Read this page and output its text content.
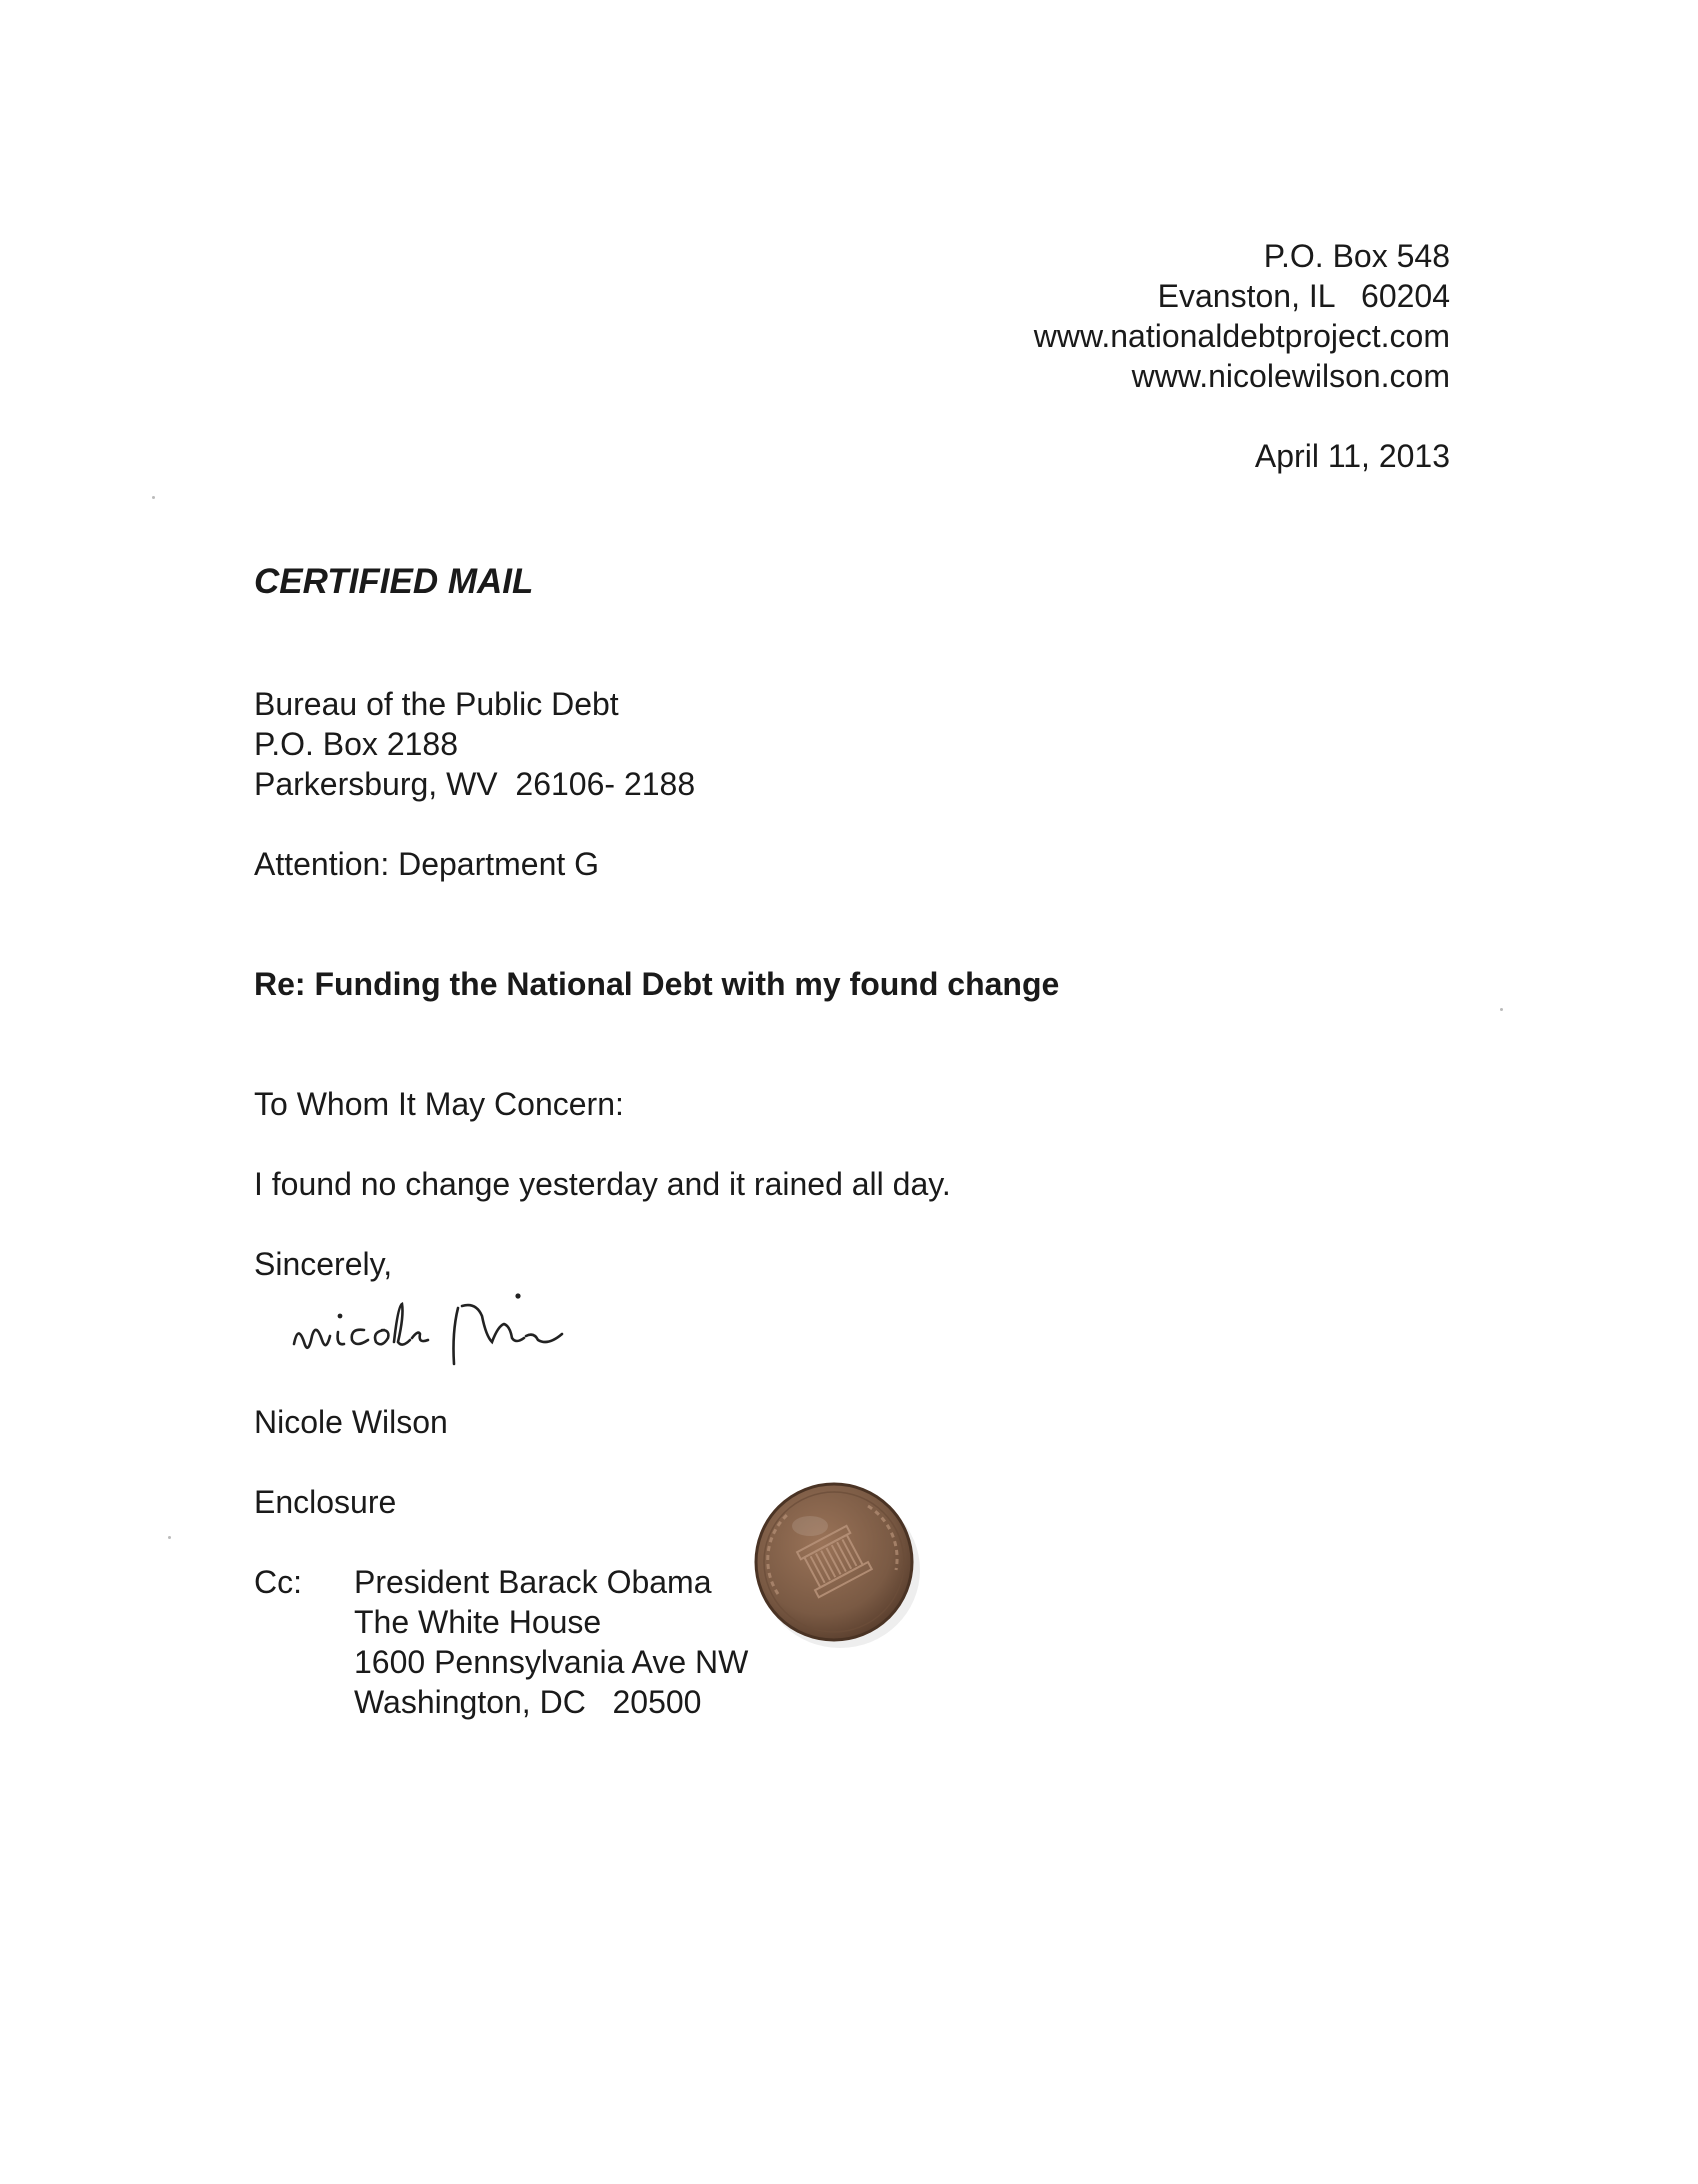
P.O. Box 548
Evanston, IL   60204
www.nationaldebtproject.com
www.nicolewilson.com
April 11, 2013
CERTIFIED MAIL
Bureau of the Public Debt
P.O. Box 2188
Parkersburg, WV  26106- 2188
Attention: Department G
Re: Funding the National Debt with my found change
To Whom It May Concern:
I found no change yesterday and it rained all day.
Sincerely,
Nicole Wilson
Enclosure
Cc: President Barack Obama
The White House
1600 Pennsylvania Ave NW
Washington, DC   20500
